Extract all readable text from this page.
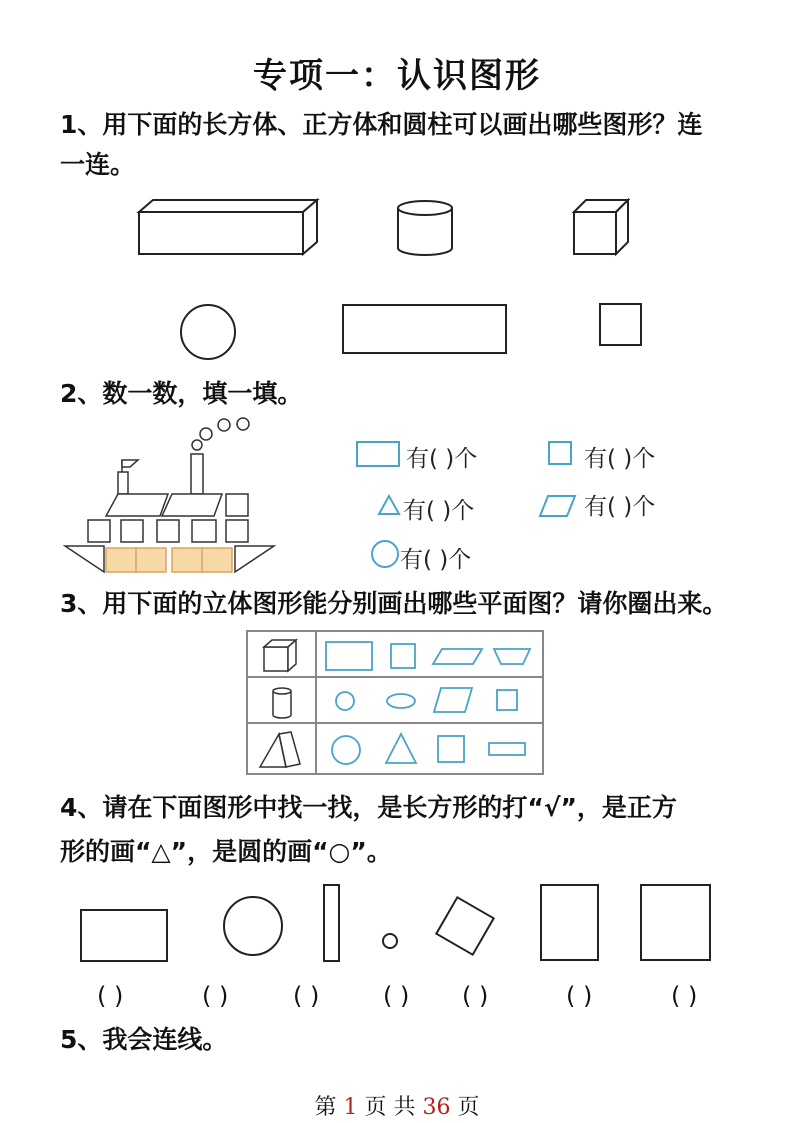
专项一：认识图形
1、用下面的长方体、正方体和圆柱可以画出哪些图形？连
一连。
2、数一数，填一填。
有( )个	有( )个
有( )个	有( )个
有( )个
3、用下面的立体图形能分别画出哪些平面图？请你圈出来。
4、请在下面图形中找一找，是长方形的打“√”，是正方
形的画“△”，是圆的画“○”。
( )	( )	( )	( ) ( )	( )	( )
5、我会连线。
第 1 页 共 36 页
